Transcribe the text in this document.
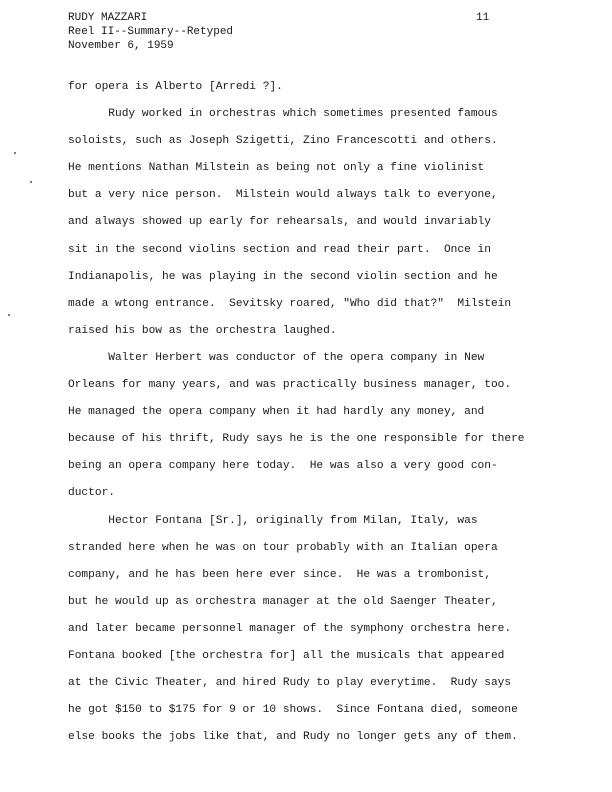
RUDY MAZZARI
Reel II--Summary--Retyped
November 6, 1959
11
for opera is Alberto [Arredi ?].
Rudy worked in orchestras which sometimes presented famous
soloists, such as Joseph Szigetti, Zino Francescotti and others.
He mentions Nathan Milstein as being not only a fine violinist
but a very nice person.  Milstein would always talk to everyone,
and always showed up early for rehearsals, and would invariably
sit in the second violins section and read their part.  Once in
Indianapolis, he was playing in the second violin section and he
made a wtong entrance.  Sevitsky roared, "Who did that?"  Milstein
raised his bow as the orchestra laughed.
Walter Herbert was conductor of the opera company in New
Orleans for many years, and was practically business manager, too.
He managed the opera company when it had hardly any money, and
because of his thrift, Rudy says he is the one responsible for there
being an opera company here today.  He was also a very good con-
ductor.
Hector Fontana [Sr.], originally from Milan, Italy, was
stranded here when he was on tour probably with an Italian opera
company, and he has been here ever since.  He was a trombonist,
but he would up as orchestra manager at the old Saenger Theater,
and later became personnel manager of the symphony orchestra here.
Fontana booked [the orchestra for] all the musicals that appeared
at the Civic Theater, and hired Rudy to play everytime.  Rudy says
he got $150 to $175 for 9 or 10 shows.  Since Fontana died, someone
else books the jobs like that, and Rudy no longer gets any of them.
